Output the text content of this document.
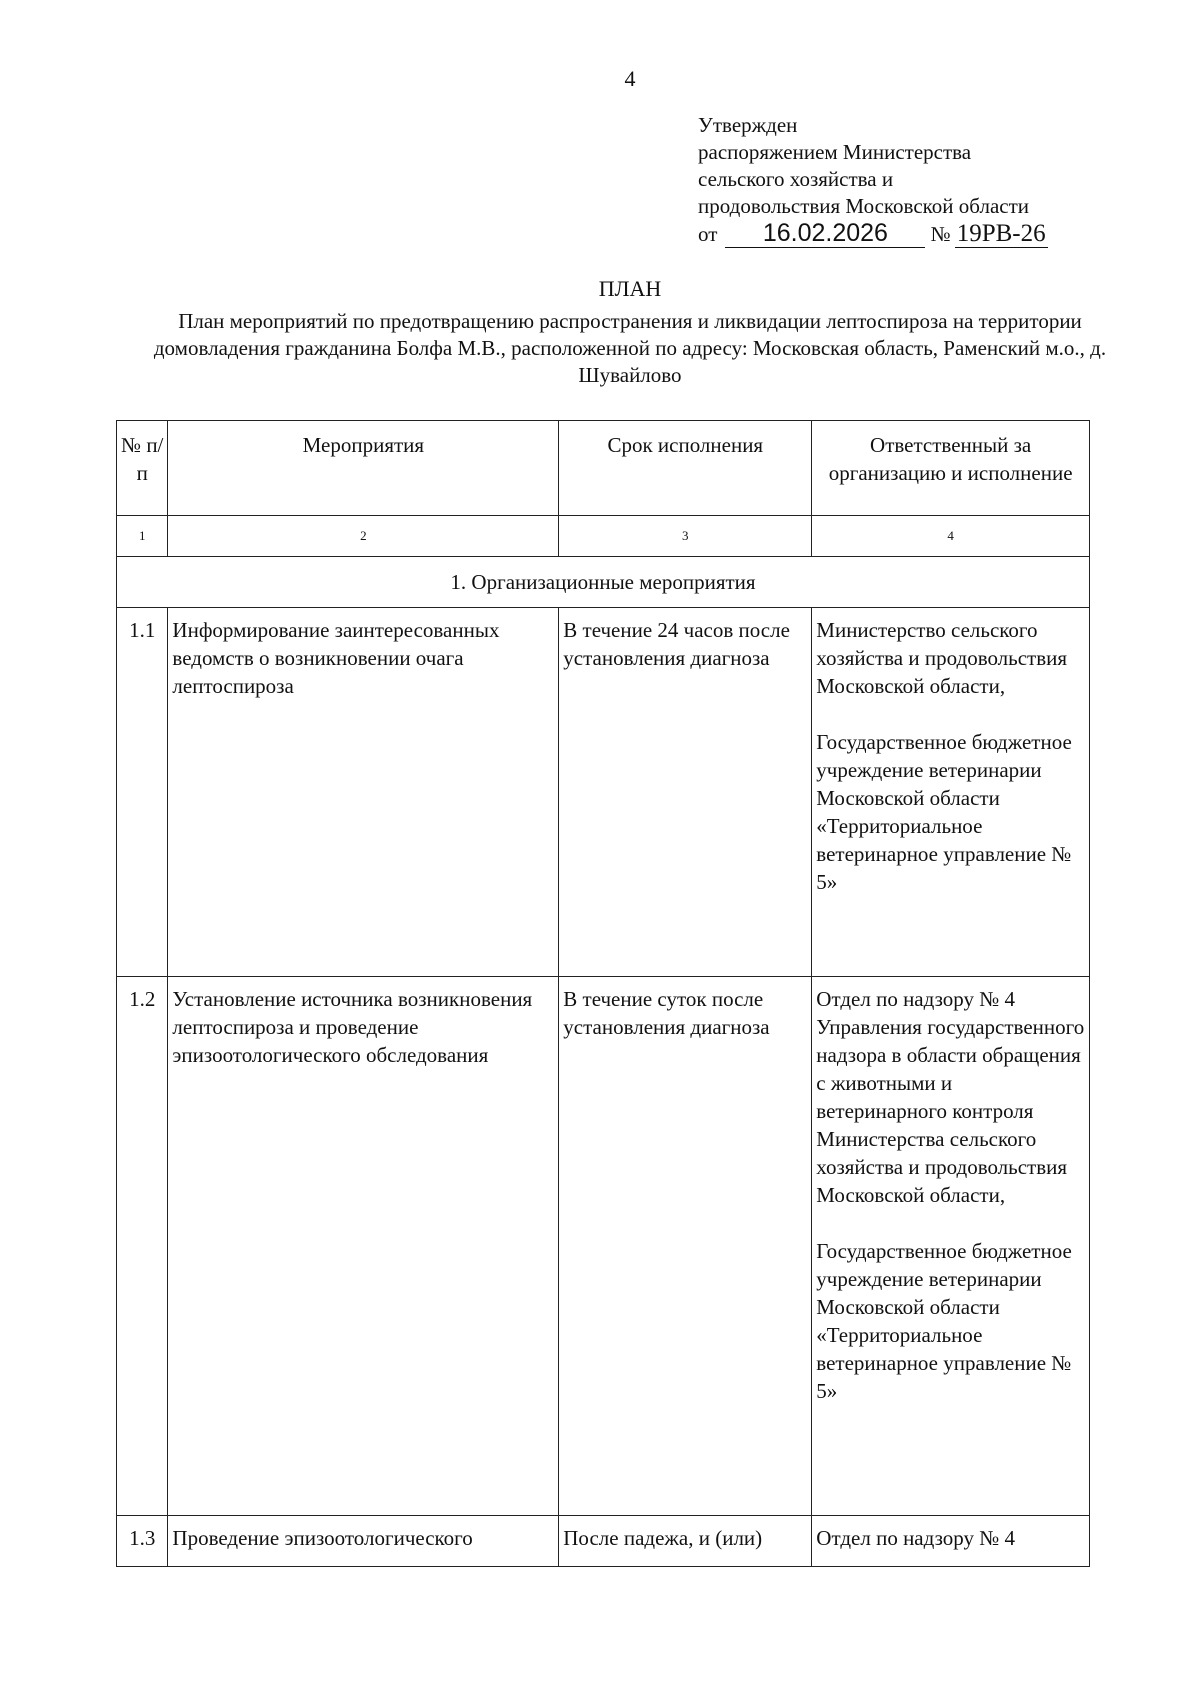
4
Утвержден
распоряжением Министерства
сельского хозяйства и
продовольствия Московской области
от 16.02.2026 № 19РВ-26
ПЛАН
План мероприятий по предотвращению распространения и ликвидации лептоспироза на территории домовладения гражданина Болфа М.В., расположенной по адресу: Московская область, Раменский м.о., д. Шувайлово
№ п/п	Мероприятия	Срок исполнения	Ответственный за организацию и исполнение
1	2	3	4
1. Организационные мероприятия			
1.1	Информирование заинтересованных ведомств о возникновении очага лептоспироза	В течение 24 часов после установления диагноза	Министерство сельского хозяйства и продовольствия Московской области,
Государственное бюджетное учреждение ветеринарии Московской области «Территориальное ветеринарное управление № 5»

1.2	Установление источника возникновения лептоспироза и проведение эпизоотологического обследования	В течение суток после установления диагноза	Отдел по надзору № 4 Управления государственного надзора в области обращения с животными и ветеринарного контроля Министерства сельского хозяйства и продовольствия Московской области,
Государственное бюджетное учреждение ветеринарии Московской области «Территориальное ветеринарное управление № 5»

1.3	Проведение эпизоотологического	После падежа, и (или)	Отдел по надзору № 4
